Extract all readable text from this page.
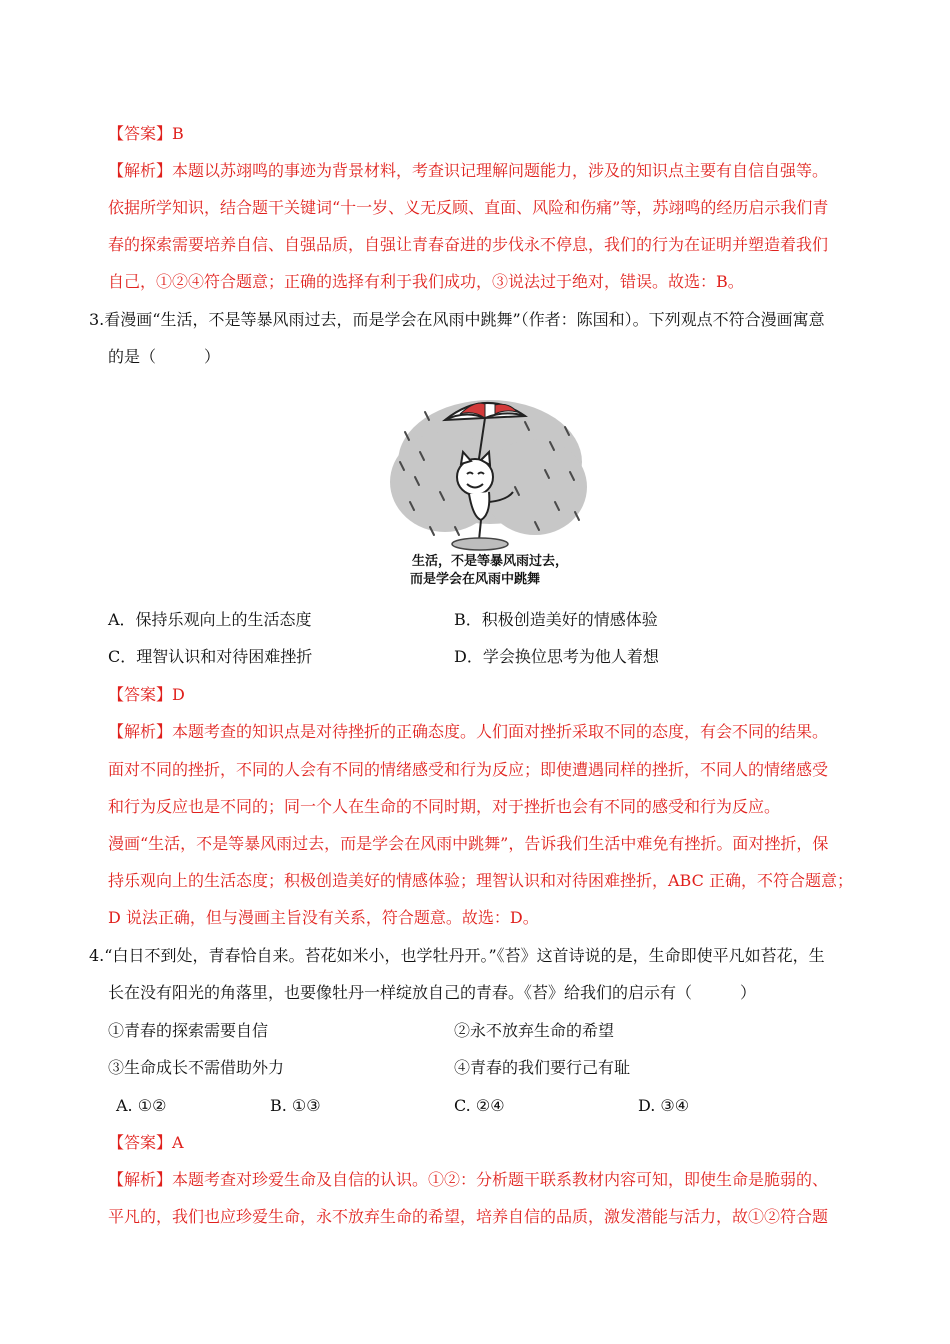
【答案】B
【解析】本题以苏翊鸣的事迹为背景材料，考查识记理解问题能力，涉及的知识点主要有自信自强等。
依据所学知识，结合题干关键词“十一岁、义无反顾、直面、风险和伤痛”等，苏翊鸣的经历启示我们青
春的探索需要培养自信、自强品质，自强让青春奋进的步伐永不停息，我们的行为在证明并塑造着我们
自己，①②④符合题意；正确的选择有利于我们成功，③说法过于绝对，错误。故选：B。
3.看漫画“生活，不是等暴风雨过去，而是学会在风雨中跳舞”（作者：陈国和）。下列观点不符合漫画寓意
的是（　　　）
生活，不是等暴风雨过去，
而是学会在风雨中跳舞
A．保持乐观向上的生活态度	B．积极创造美好的情感体验
C．理智认识和对待困难挫折	D．学会换位思考为他人着想
【答案】D
【解析】本题考查的知识点是对待挫折的正确态度。人们面对挫折采取不同的态度，有会不同的结果。
面对不同的挫折，不同的人会有不同的情绪感受和行为反应；即使遭遇同样的挫折，不同人的情绪感受
和行为反应也是不同的；同一个人在生命的不同时期，对于挫折也会有不同的感受和行为反应。
漫画“生活，不是等暴风雨过去，而是学会在风雨中跳舞”，告诉我们生活中难免有挫折。面对挫折，保
持乐观向上的生活态度；积极创造美好的情感体验；理智认识和对待困难挫折，ABC 正确，不符合题意；
D 说法正确，但与漫画主旨没有关系，符合题意。故选：D。
4.“白日不到处，青春恰自来。苔花如米小，也学牡丹开。”《苔》这首诗说的是，生命即使平凡如苔花，生
长在没有阳光的角落里，也要像牡丹一样绽放自己的青春。《苔》给我们的启示有（　　　）
①青春的探索需要自信	②永不放弃生命的希望
③生命成长不需借助外力	④青春的我们要行己有耻
A. ①②	B. ①③	C. ②④	D. ③④
【答案】A
【解析】本题考查对珍爱生命及自信的认识。①②：分析题干联系教材内容可知，即使生命是脆弱的、
平凡的，我们也应珍爱生命，永不放弃生命的希望，培养自信的品质，激发潜能与活力，故①②符合题
